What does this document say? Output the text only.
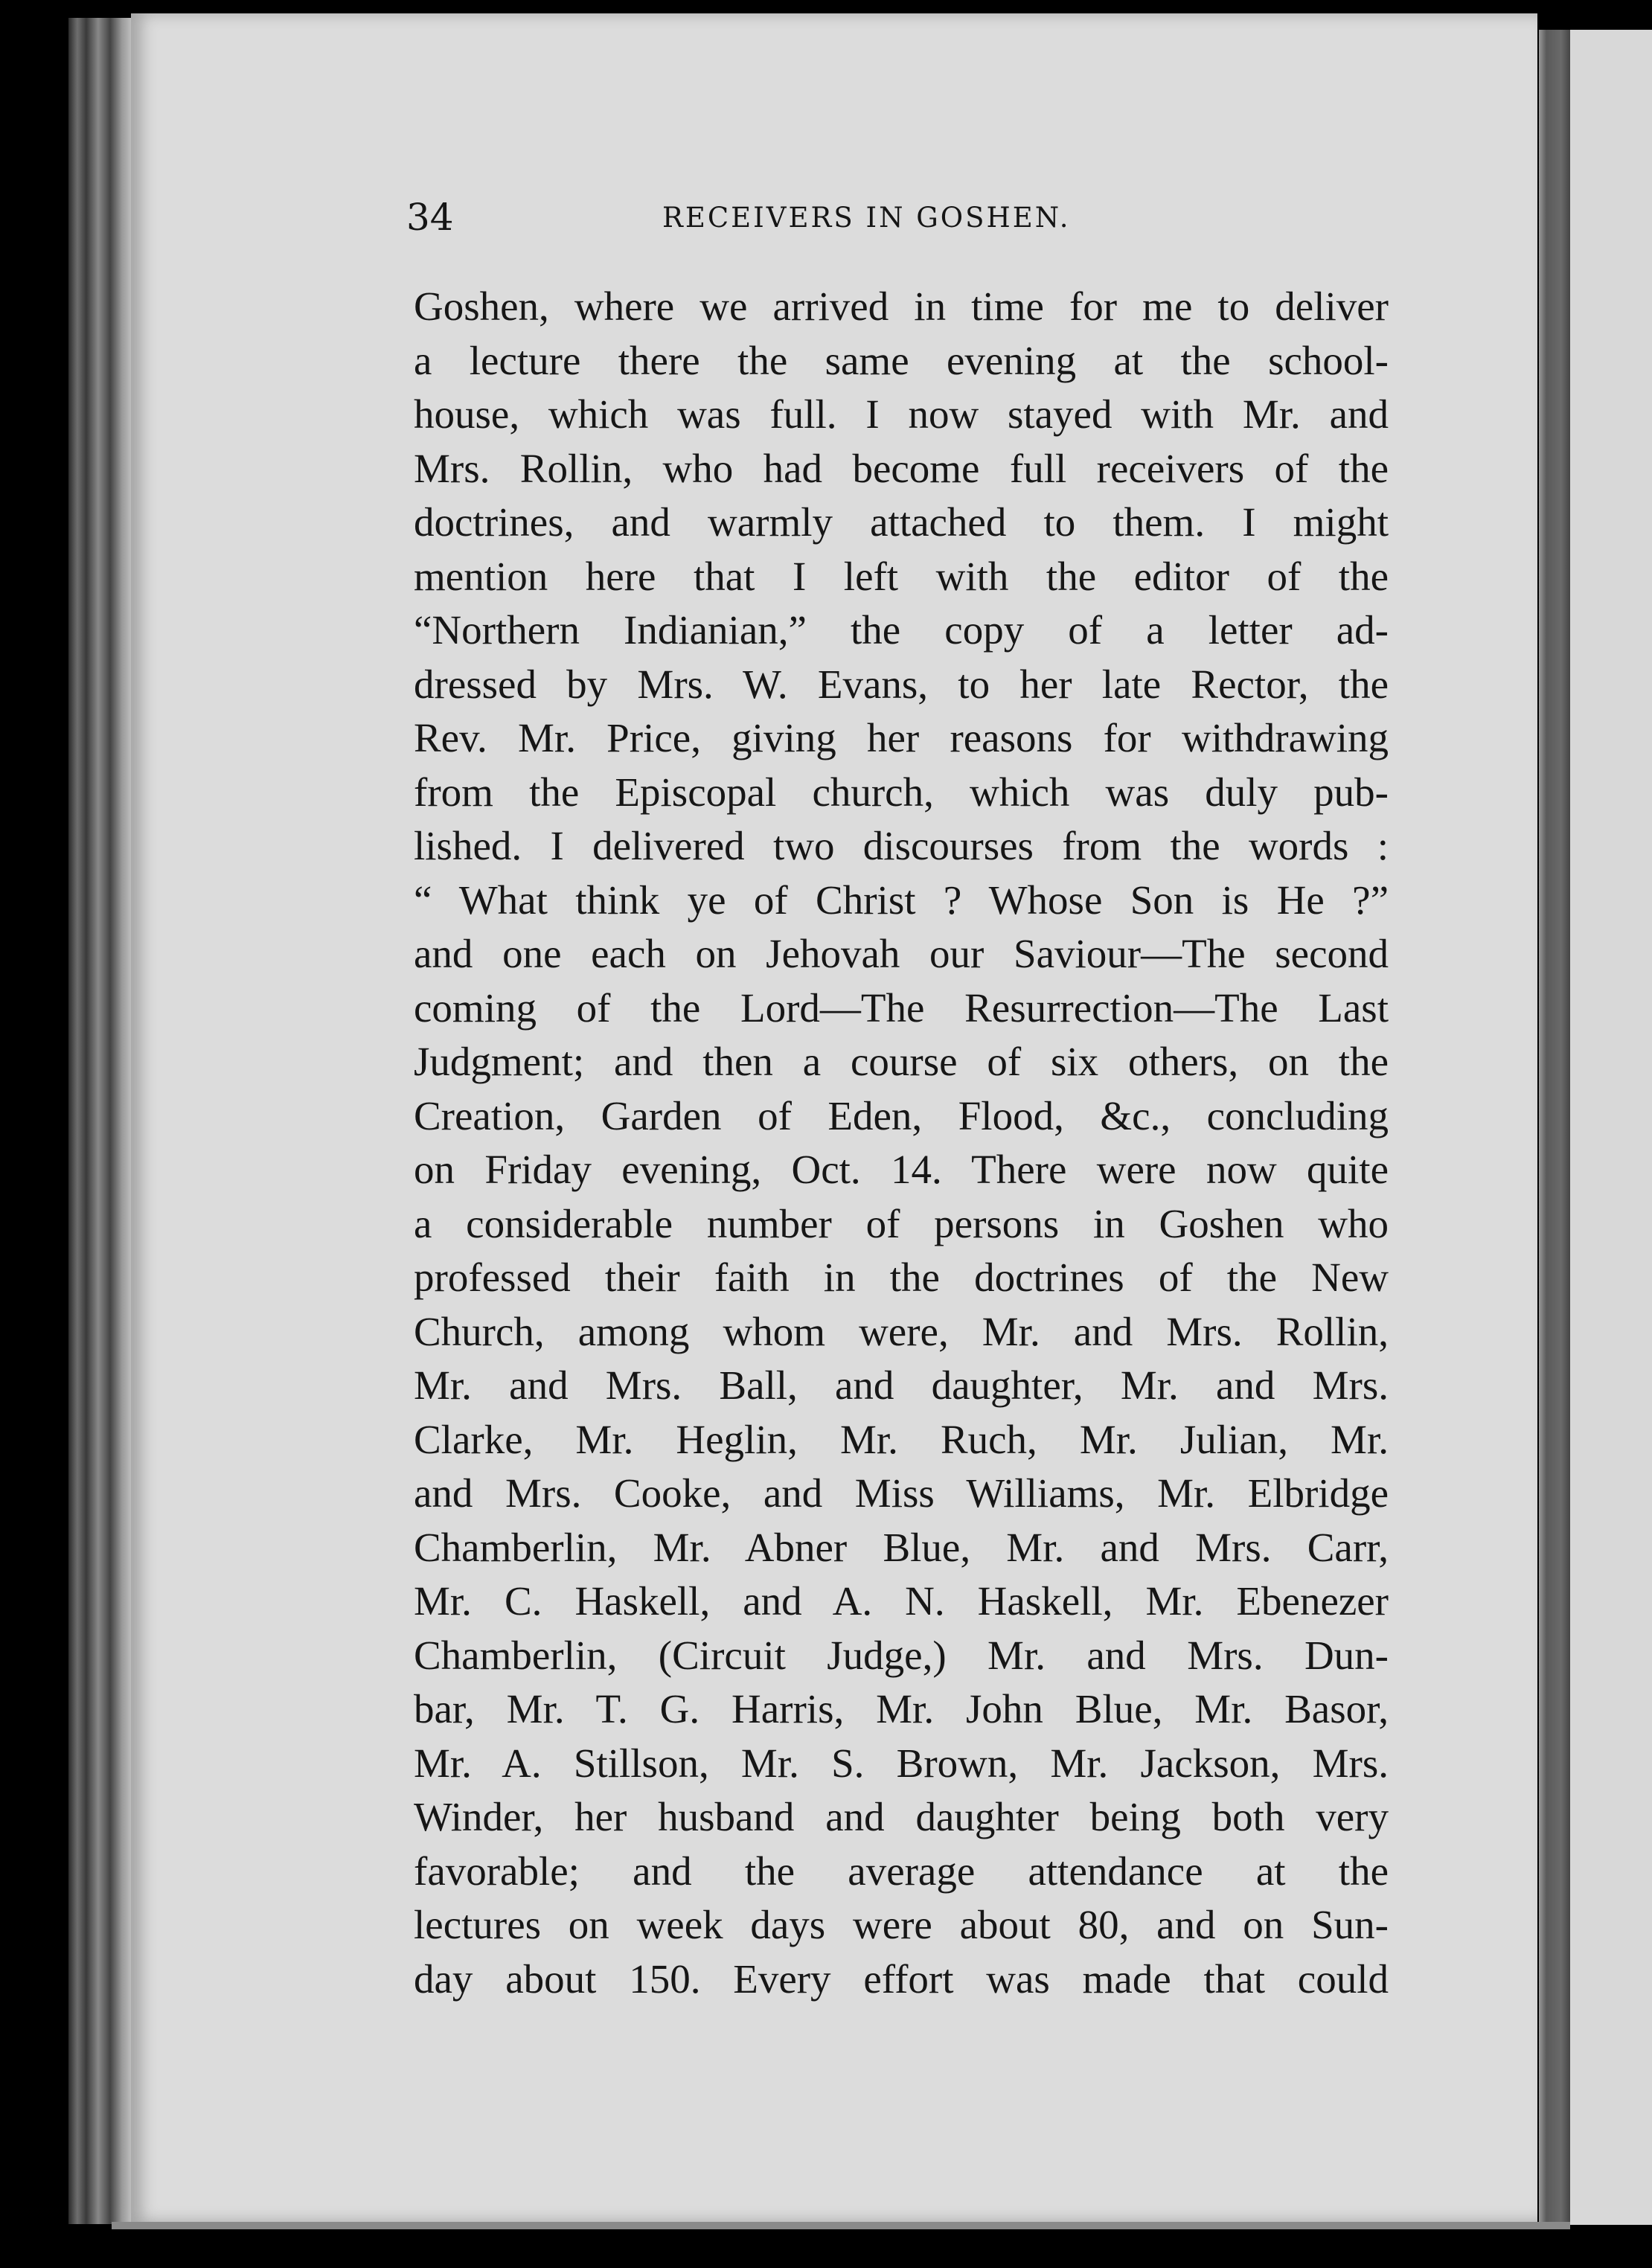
34	RECEIVERS IN GOSHEN.
Goshen, where we arrived in time for me to deliver
a lecture there the same evening at the school-
house, which was full. I now stayed with Mr. and
Mrs. Rollin, who had become full receivers of the
doctrines, and warmly attached to them. I might
mention here that I left with the editor of the
“Northern Indianian,” the copy of a letter ad-
dressed by Mrs. W. Evans, to her late Rector, the
Rev. Mr. Price, giving her reasons for withdrawing
from the Episcopal church, which was duly pub-
lished. I delivered two discourses from the words :
“ What think ye of Christ ? Whose Son is He ?”
and one each on Jehovah our Saviour—The second
coming of the Lord—The Resurrection—The Last
Judgment; and then a course of six others, on the
Creation, Garden of Eden, Flood, &c., concluding
on Friday evening, Oct. 14. There were now quite
a considerable number of persons in Goshen who
professed their faith in the doctrines of the New
Church, among whom were, Mr. and Mrs. Rollin,
Mr. and Mrs. Ball, and daughter, Mr. and Mrs.
Clarke, Mr. Heglin, Mr. Ruch, Mr. Julian, Mr.
and Mrs. Cooke, and Miss Williams, Mr. Elbridge
Chamberlin, Mr. Abner Blue, Mr. and Mrs. Carr,
Mr. C. Haskell, and A. N. Haskell, Mr. Ebenezer
Chamberlin, (Circuit Judge,) Mr. and Mrs. Dun-
bar, Mr. T. G. Harris, Mr. John Blue, Mr. Basor,
Mr. A. Stillson, Mr. S. Brown, Mr. Jackson, Mrs.
Winder, her husband and daughter being both very
favorable; and the average attendance at the
lectures on week days were about 80, and on Sun-
day about 150. Every effort was made that could
